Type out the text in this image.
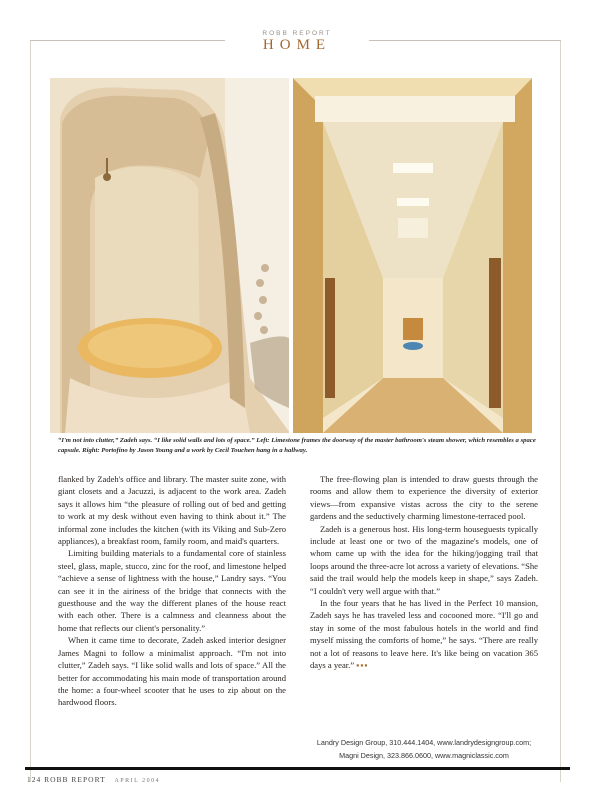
ROBB REPORT
HOME
“I'm not into clutter,” Zadeh says. “I like solid walls and lots of space.” Left: Limestone frames the doorway of the master bathroom's steam shower, which resembles a space capsule. Right: Portofino by Jason Young and a work by Cecil Touchen hang in a hallway.

flanked by Zadeh's office and library. The master suite zone, with giant closets and a Jacuzzi, is adjacent to the work area. Zadeh says it allows him “the pleasure of rolling out of bed and getting to work at my desk without even having to think about it.” The informal zone includes the kitchen (with its Viking and Sub-Zero appliances), a breakfast room, family room, and maid's quarters.

Limiting building materials to a fundamental core of stainless steel, glass, maple, stucco, zinc for the roof, and limestone helped “achieve a sense of lightness with the house,” Landry says. “You can see it in the airiness of the bridge that connects with the guesthouse and the way the different planes of the house react with each other. There is a calmness and cleanness about the home that reflects our client's personality.”

When it came time to decorate, Zadeh asked interior designer James Magni to follow a minimalist approach. “I'm not into clutter,” Zadeh says. “I like solid walls and lots of space.” All the better for accommodating his main mode of transportation around the home: a four-wheel scooter that he uses to zip about on the hardwood floors.

The free-flowing plan is intended to draw guests through the rooms and allow them to experience the diversity of exterior views—from expansive vistas across the city to the serene gardens and the seductively charming limestone-terraced pool.

Zadeh is a generous host. His long-term houseguests typically include at least one or two of the magazine's models, one of whom came up with the idea for the hiking/jogging trail that loops around the three-acre lot across a variety of elevations. “She said the trail would help the models keep in shape,” says Zadeh. “I couldn't very well argue with that.”

In the four years that he has lived in the Perfect 10 mansion, Zadeh says he has traveled less and cocooned more. “I'll go and stay in some of the most fabulous hotels in the world and find myself missing the comforts of home,” he says. “There are really not a lot of reasons to leave here. It's like being on vacation 365 days a year.” ▪▪▪

Landry Design Group, 310.444.1404, www.landrydesigngroup.com;
Magni Design, 323.866.0600, www.magniclassic.com
124 ROBB REPORT APRIL 2004
